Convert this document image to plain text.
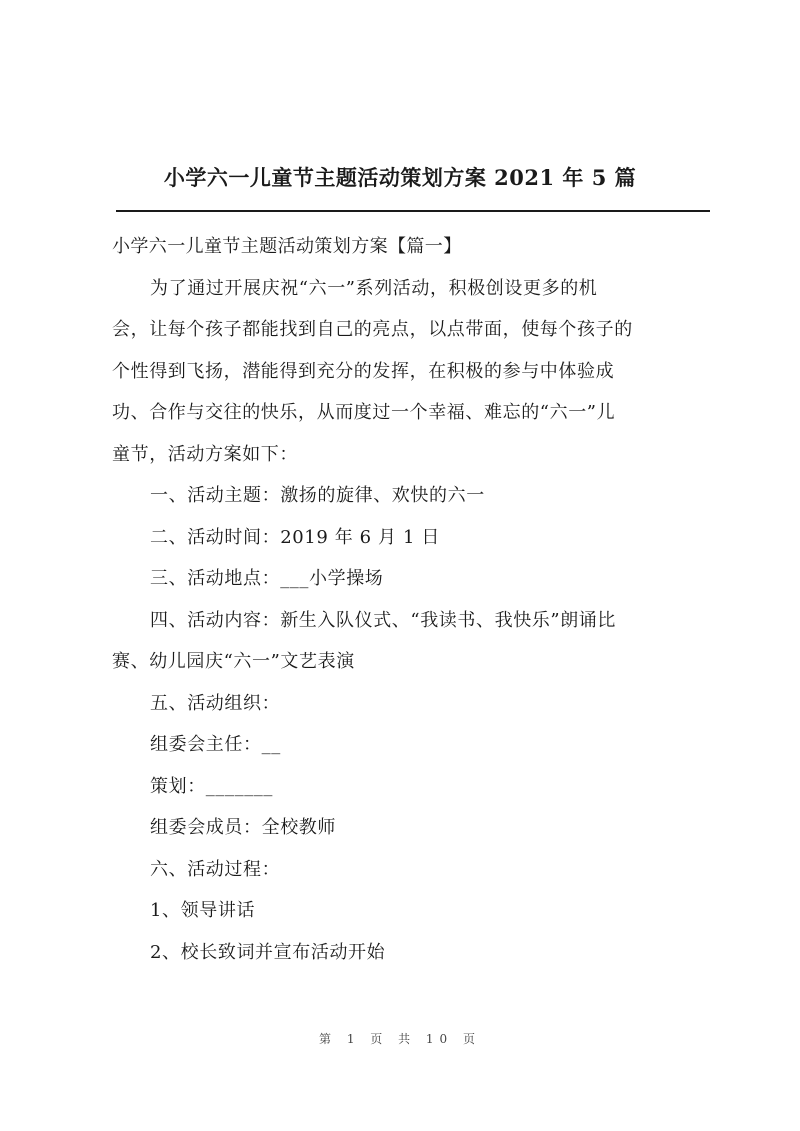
小学六一儿童节主题活动策划方案 2021 年 5 篇

小学六一儿童节主题活动策划方案【篇一】

为了通过开展庆祝“六一”系列活动，积极创设更多的机

会，让每个孩子都能找到自己的亮点，以点带面，使每个孩子的

个性得到飞扬，潜能得到充分的发挥，在积极的参与中体验成

功、合作与交往的快乐，从而度过一个幸福、难忘的“六一”儿

童节，活动方案如下：

一、活动主题：激扬的旋律、欢快的六一

二、活动时间：2019 年 6 月 1 日

三、活动地点：___小学操场

四、活动内容：新生入队仪式、“我读书、我快乐”朗诵比

赛、幼儿园庆“六一”文艺表演

五、活动组织：

组委会主任：__

策划：_______

组委会成员：全校教师

六、活动过程：

1、领导讲话

2、校长致词并宣布活动开始

第 1 页 共 10 页
